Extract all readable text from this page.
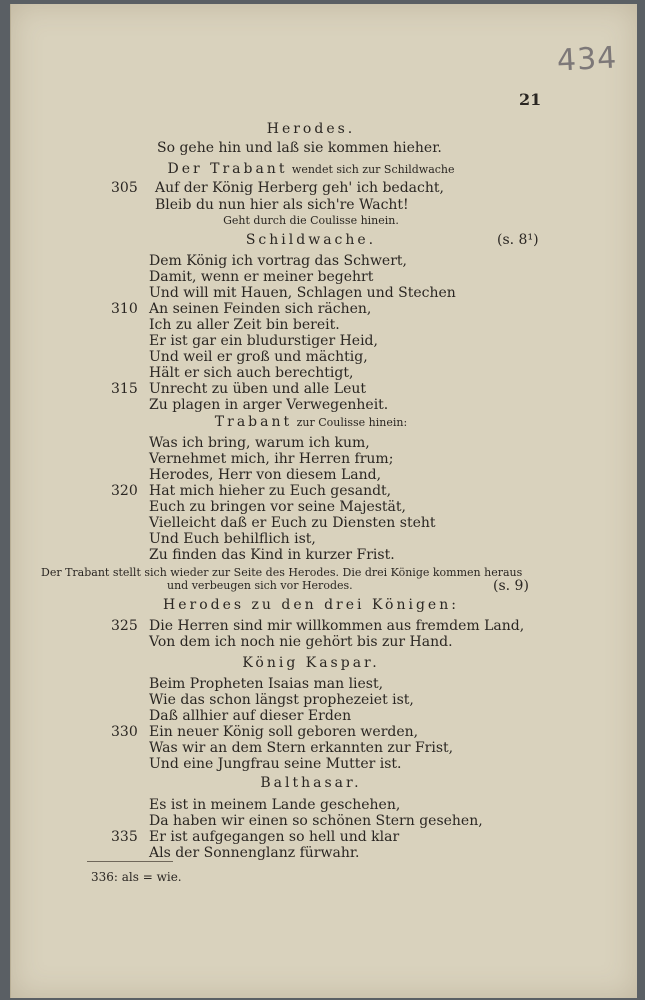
434
21
Herodes.
So gehe hin und laß sie kommen hieher.
Der Trabant wendet sich zur Schildwache
305 Auf der König Herberg geh' ich bedacht,
Bleib du nun hier als sich're Wacht!
Geht durch die Coulisse hinein.
Schildwache.	(s. 8¹)
Dem König ich vortrag das Schwert,
Damit, wenn er meiner begehrt
Und will mit Hauen, Schlagen und Stechen
310 An seinen Feinden sich rächen,
Ich zu aller Zeit bin bereit.
Er ist gar ein bludurstiger Heid,
Und weil er groß und mächtig,
Hält er sich auch berechtigt,
315 Unrecht zu üben und alle Leut
Zu plagen in arger Verwegenheit.
Trabant zur Coulisse hinein:
Was ich bring, warum ich kum,
Vernehmet mich, ihr Herren frum;
Herodes, Herr von diesem Land,
320 Hat mich hieher zu Euch gesandt,
Euch zu bringen vor seine Majestät,
Vielleicht daß er Euch zu Diensten steht
Und Euch behilflich ist,
Zu finden das Kind in kurzer Frist.
Der Trabant stellt sich wieder zur Seite des Herodes. Die drei Könige kommen heraus
und verbeugen sich vor Herodes.	(s. 9)
Herodes zu den drei Königen:
325 Die Herren sind mir willkommen aus fremdem Land,
Von dem ich noch nie gehört bis zur Hand.
König Kaspar.
Beim Propheten Isaias man liest,
Wie das schon längst prophezeiet ist,
Daß allhier auf dieser Erden
330 Ein neuer König soll geboren werden,
Was wir an dem Stern erkannten zur Frist,
Und eine Jungfrau seine Mutter ist.
Balthasar.
Es ist in meinem Lande geschehen,
Da haben wir einen so schönen Stern gesehen,
335 Er ist aufgegangen so hell und klar
Als der Sonnenglanz fürwahr.
336: als = wie.
